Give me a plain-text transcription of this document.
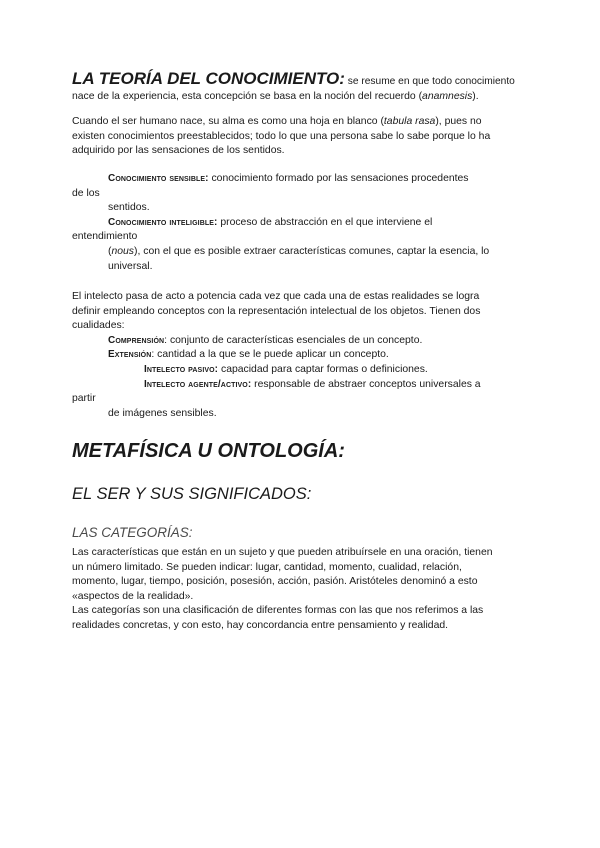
LA TEORÍA DEL CONOCIMIENTO: se resume en que todo conocimiento
nace de la experiencia, esta concepción se basa en la noción del recuerdo (anamnesis).
Cuando el ser humano nace, su alma es como una hoja en blanco (tabula rasa), pues no
existen conocimientos preestablecidos; todo lo que una persona sabe lo sabe porque lo ha
adquirido por las sensaciones de los sentidos.
Conocimiento sensible: conocimiento formado por las sensaciones procedentes
de los
sentidos.
Conocimiento inteligible: proceso de abstracción en el que interviene el
entendimiento
(nous), con el que es posible extraer características comunes, captar la esencia, lo
universal.
El intelecto pasa de acto a potencia cada vez que cada una de estas realidades se logra
definir empleando conceptos con la representación intelectual de los objetos. Tienen dos
cualidades:
Comprensión: conjunto de características esenciales de un concepto.
Extensión: cantidad a la que se le puede aplicar un concepto.
Intelecto pasivo: capacidad para captar formas o definiciones.
Intelecto agente/activo: responsable de abstraer conceptos universales a
partir
de imágenes sensibles.
METAFÍSICA U ONTOLOGÍA:
EL SER Y SUS SIGNIFICADOS:
LAS CATEGORÍAS:
Las características que están en un sujeto y que pueden atribuírsele en una oración, tienen
un número limitado. Se pueden indicar: lugar, cantidad, momento, cualidad, relación,
momento, lugar, tiempo, posición, posesión, acción, pasión. Aristóteles denominó a esto
«aspectos de la realidad».
Las categorías son una clasificación de diferentes formas con las que nos referimos a las
realidades concretas, y con esto, hay concordancia entre pensamiento y realidad.
